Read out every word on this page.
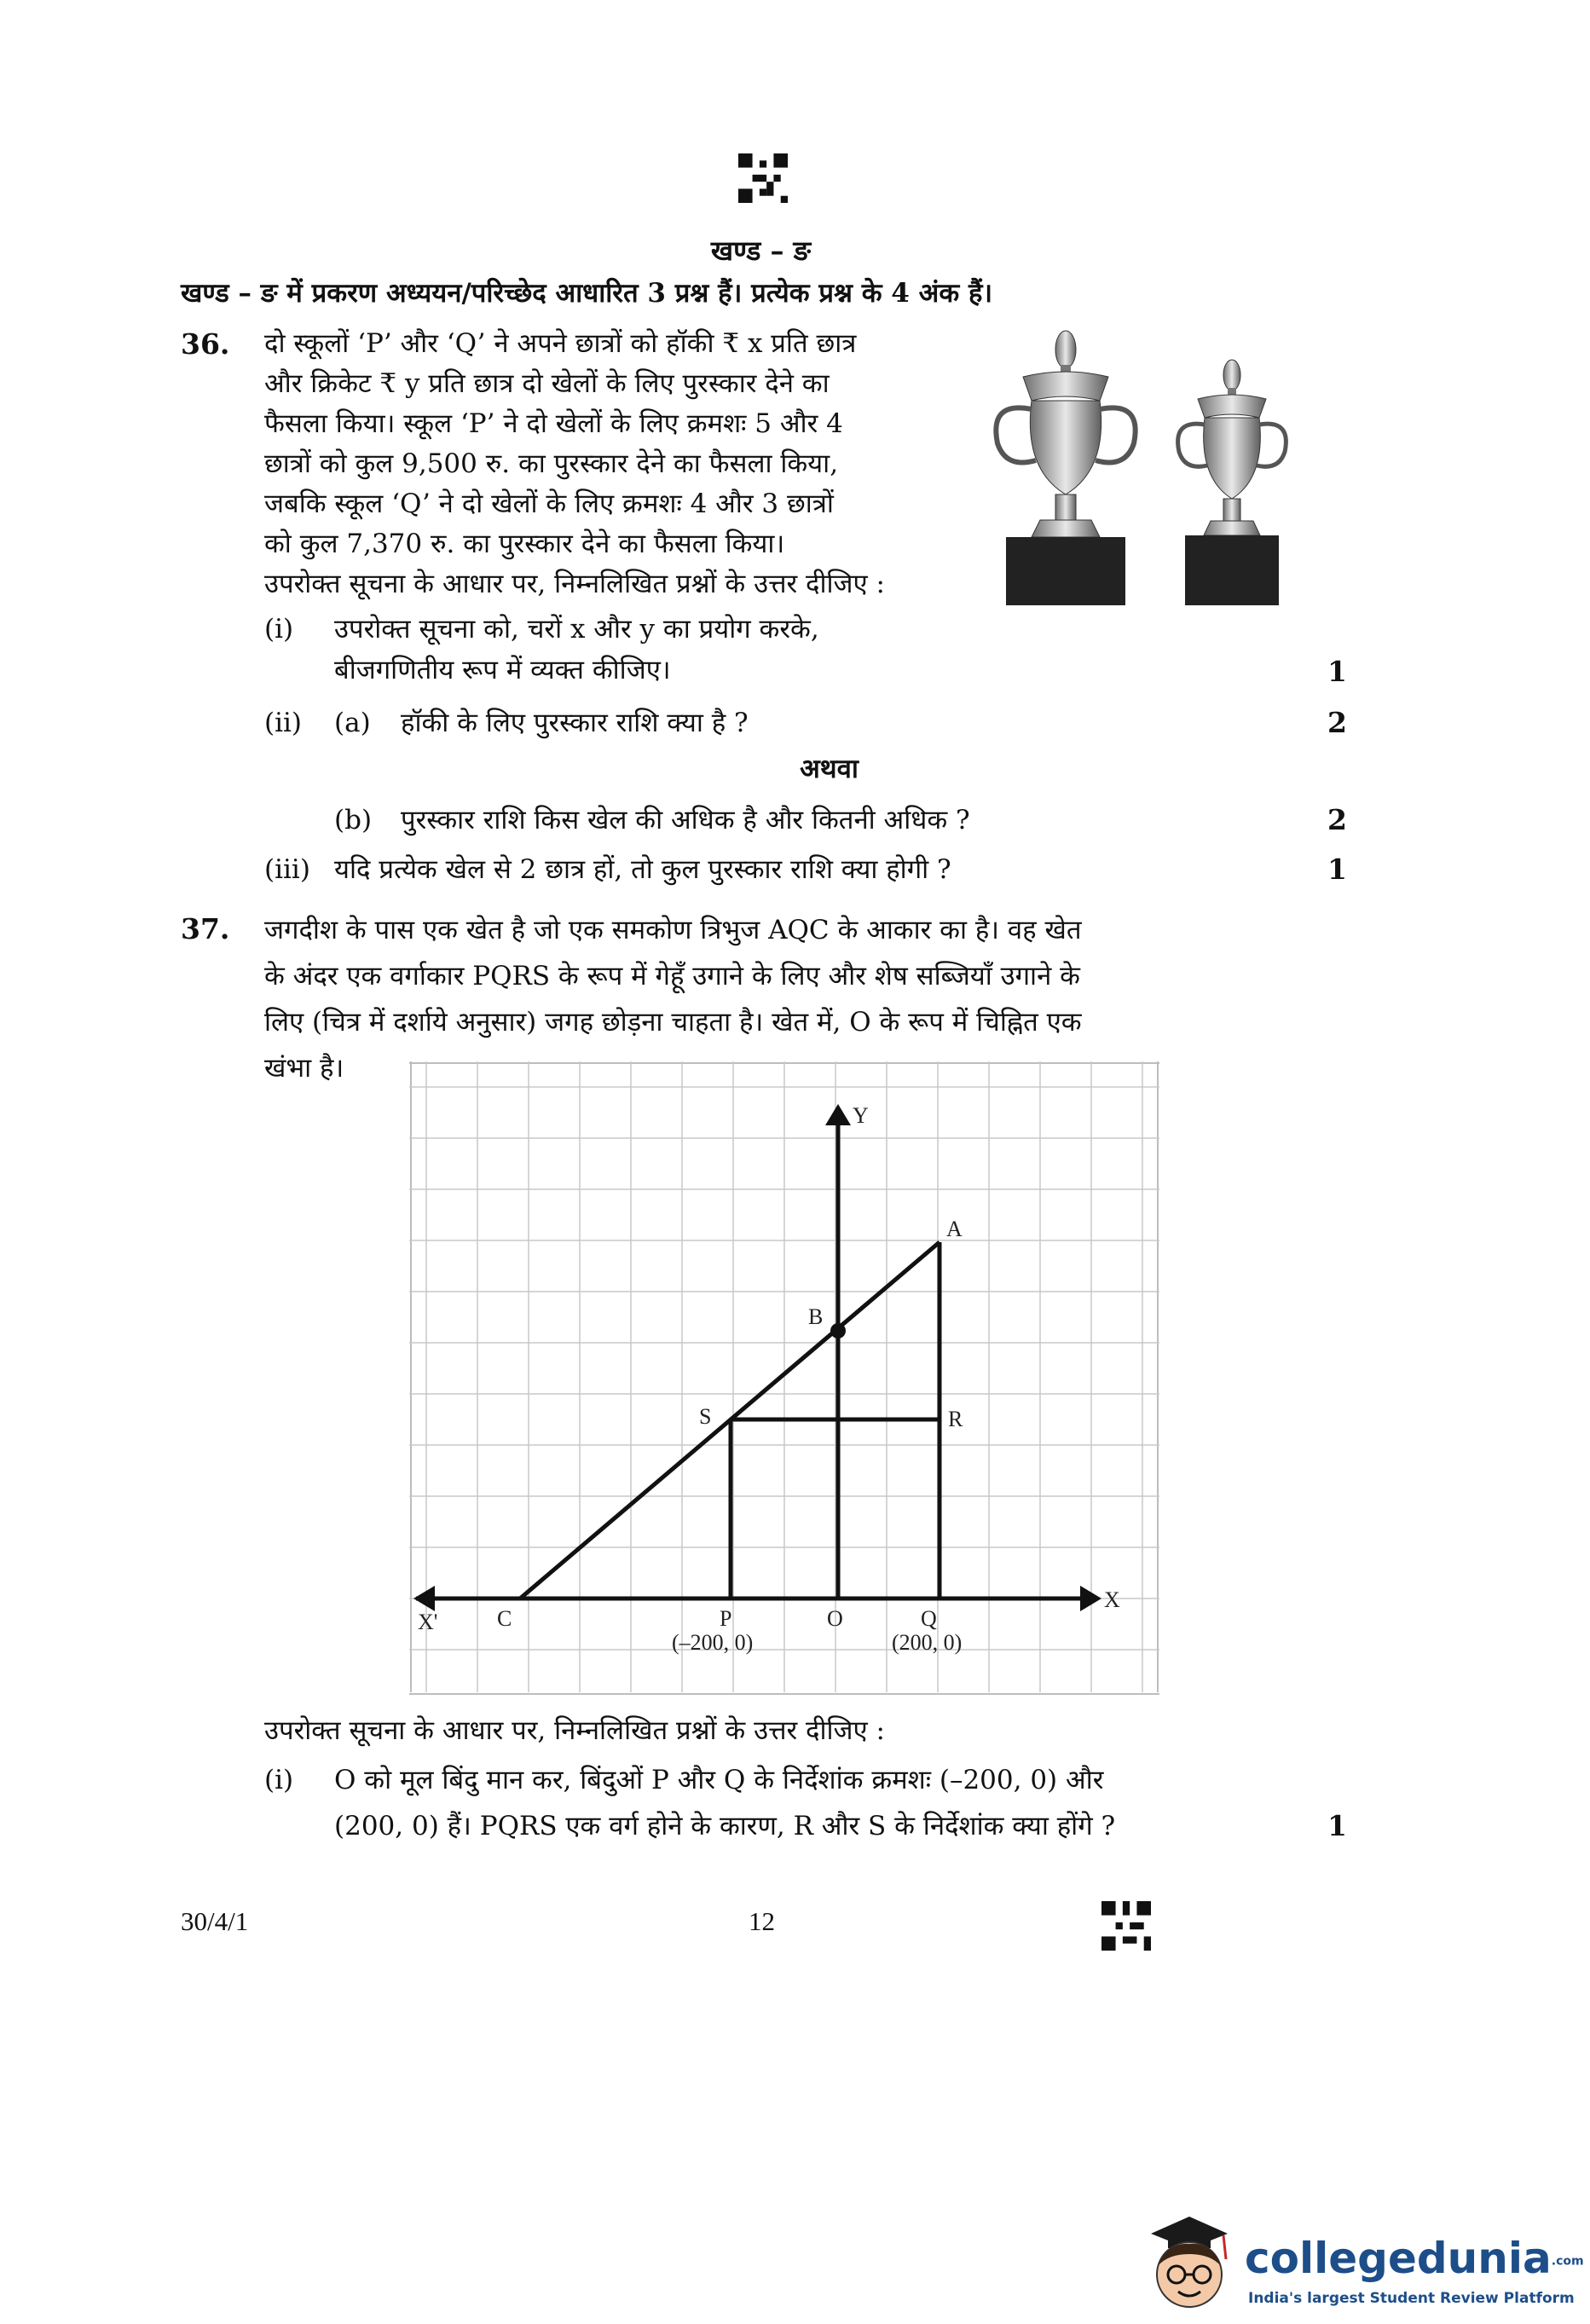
खण्ड – ङ
खण्ड – ङ में प्रकरण अध्ययन/परिच्छेद आधारित 3 प्रश्न हैं। प्रत्येक प्रश्न के 4 अंक हैं।
36. दो स्कूलों ‘P’ और ‘Q’ ने अपने छात्रों को हॉकी ₹ x प्रति छात्र
और क्रिकेट ₹ y प्रति छात्र दो खेलों के लिए पुरस्कार देने का
फैसला किया। स्कूल ‘P’ ने दो खेलों के लिए क्रमशः 5 और 4
छात्रों को कुल 9,500 रु. का पुरस्कार देने का फैसला किया,
जबकि स्कूल ‘Q’ ने दो खेलों के लिए क्रमशः 4 और 3 छात्रों
को कुल 7,370 रु. का पुरस्कार देने का फैसला किया।
उपरोक्त सूचना के आधार पर, निम्नलिखित प्रश्नों के उत्तर दीजिए :
(i) उपरोक्त सूचना को, चरों x और y का प्रयोग करके,
बीजगणितीय रूप में व्यक्त कीजिए।	1
(ii) (a) हॉकी के लिए पुरस्कार राशि क्या है ?	2
अथवा
(b) पुरस्कार राशि किस खेल की अधिक है और कितनी अधिक ?	2
(iii) यदि प्रत्येक खेल से 2 छात्र हों, तो कुल पुरस्कार राशि क्या होगी ?	1
37. जगदीश के पास एक खेत है जो एक समकोण त्रिभुज AQC के आकार का है। वह खेत
के अंदर एक वर्गाकार PQRS के रूप में गेहूँ उगाने के लिए और शेष सब्जियाँ उगाने के
लिए (चित्र में दर्शाये अनुसार) जगह छोड़ना चाहता है। खेत में, O के रूप में चिह्नित एक
खंभा है।
Y
X
X'
A
B
S	R
C	P	O	Q
(–200, 0)	(200, 0)
उपरोक्त सूचना के आधार पर, निम्नलिखित प्रश्नों के उत्तर दीजिए :
(i) O को मूल बिंदु मान कर, बिंदुओं P और Q के निर्देशांक क्रमशः (–200, 0) और
(200, 0) हैं। PQRS एक वर्ग होने के कारण, R और S के निर्देशांक क्या होंगे ?	1
30/4/1	12
collegedunia.com
India's largest Student Review Platform
